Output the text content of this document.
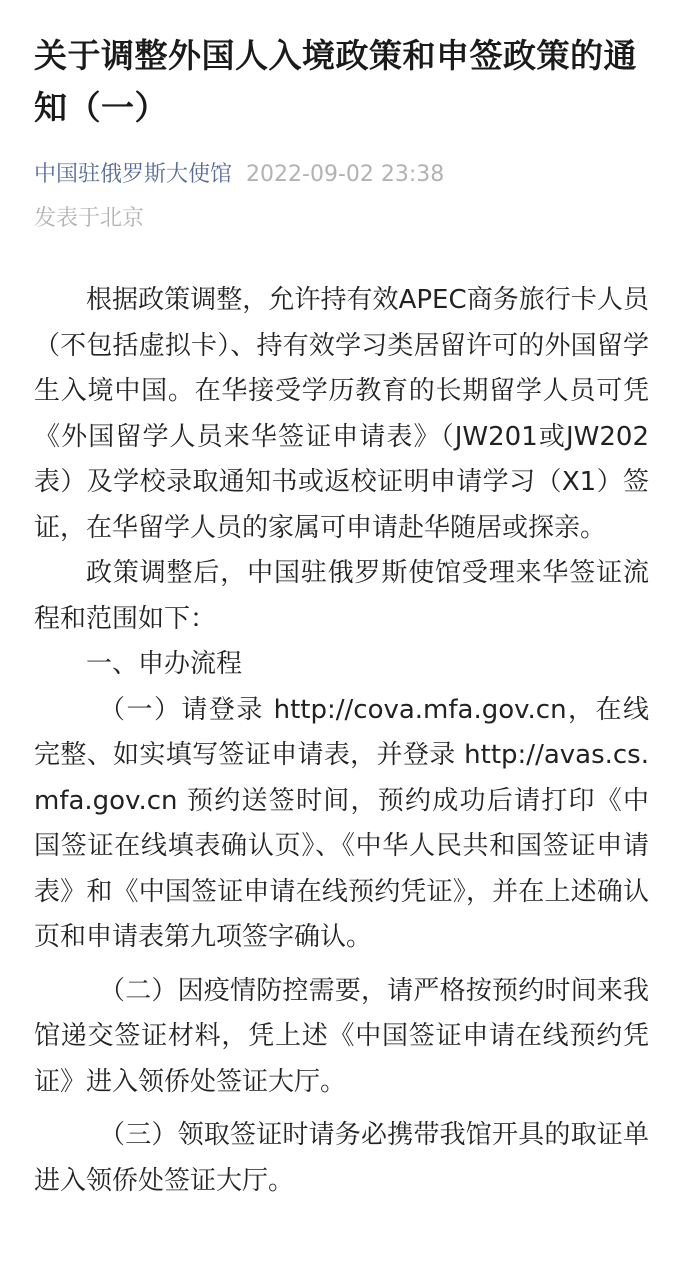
关于调整外国人入境政策和申签政策的通知（一）
中国驻俄罗斯大使馆 2022-09-02 23:38
发表于北京

根据政策调整，允许持有效APEC商务旅行卡人员（不包括虚拟卡）、持有效学习类居留许可的外国留学生入境中国。在华接受学历教育的长期留学人员可凭《外国留学人员来华签证申请表》（JW201或JW202表）及学校录取通知书或返校证明申请学习（X1）签证，在华留学人员的家属可申请赴华随居或探亲。

政策调整后，中国驻俄罗斯使馆受理来华签证流程和范围如下：

一、申办流程

（一）请登录 http://cova.mfa.gov.cn，在线完整、如实填写签证申请表，并登录 http://avas.cs.mfa.gov.cn 预约送签时间，预约成功后请打印《中国签证在线填表确认页》、《中华人民共和国签证申请表》和《中国签证申请在线预约凭证》，并在上述确认页和申请表第九项签字确认。

（二）因疫情防控需要，请严格按预约时间来我馆递交签证材料，凭上述《中国签证申请在线预约凭证》进入领侨处签证大厅。

（三）领取签证时请务必携带我馆开具的取证单进入领侨处签证大厅。
